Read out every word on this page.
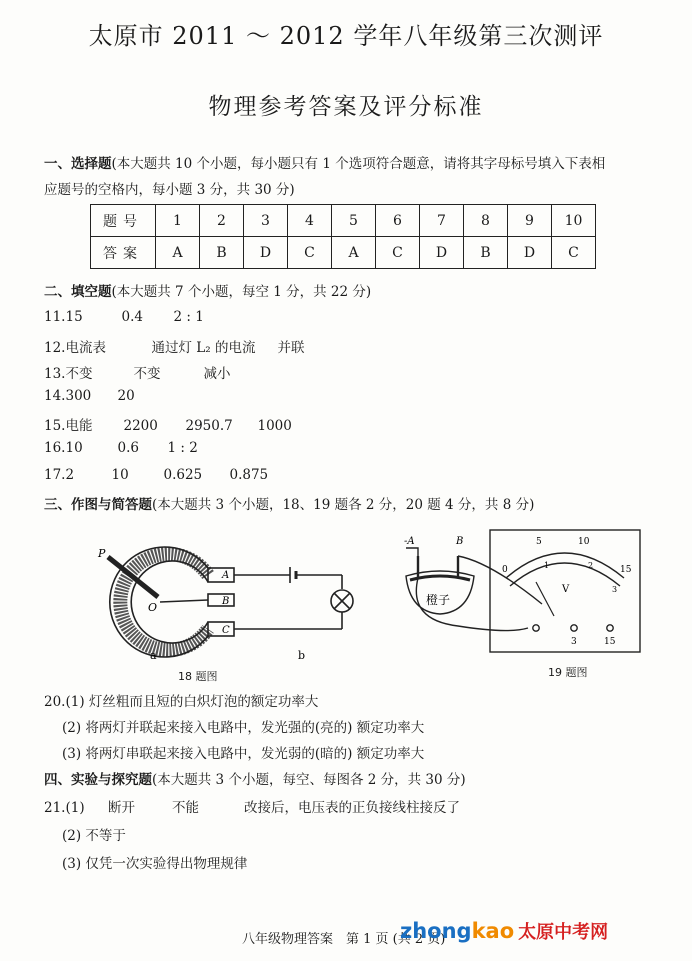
太原市 2011 ～ 2012 学年八年级第三次测评
物理参考答案及评分标准
一、选择题(本大题共 10 个小题，每小题只有 1 个选项符合题意，请将其字母标号填入下表相
应题号的空格内，每小题 3 分，共 30 分)
题号	1	2	3	4	5	6	7	8	9	10
答案	A	B	D	C	A	C	D	B	D	C
二、填空题(本大题共 7 个小题，每空 1 分，共 22 分)
11.15	0.4 2 : 1
12.电流表	通过灯 L₂ 的电流 并联
13.不变	不变	减小
14.300 20
15.电能 2200 2950.7 1000
16.10	0.6 1 : 2
17.2	10	0.625 0.875
三、作图与简答题(本大题共 3 个小题，18、19 题各 2 分，20 题 4 分，共 8 分)
P
O
A
B
C
a	b
18 题图
-A	B
橙子
0
5	10
15
1	2
3
V
3	15
19 题图
20.(1) 灯丝粗而且短的白炽灯泡的额定功率大
(2) 将两灯并联起来接入电路中，发光强的(亮的) 额定功率大
(3) 将两灯串联起来接入电路中，发光弱的(暗的) 额定功率大
四、实验与探究题(本大题共 3 个小题，每空、每图各 2 分，共 30 分)
21.(1) 断开	不能	改接后，电压表的正负接线柱接反了
(2) 不等于
(3) 仅凭一次实验得出物理规律
八年级物理答案　第 1 页 (共 2 页)
zhongkao 太原中考网
